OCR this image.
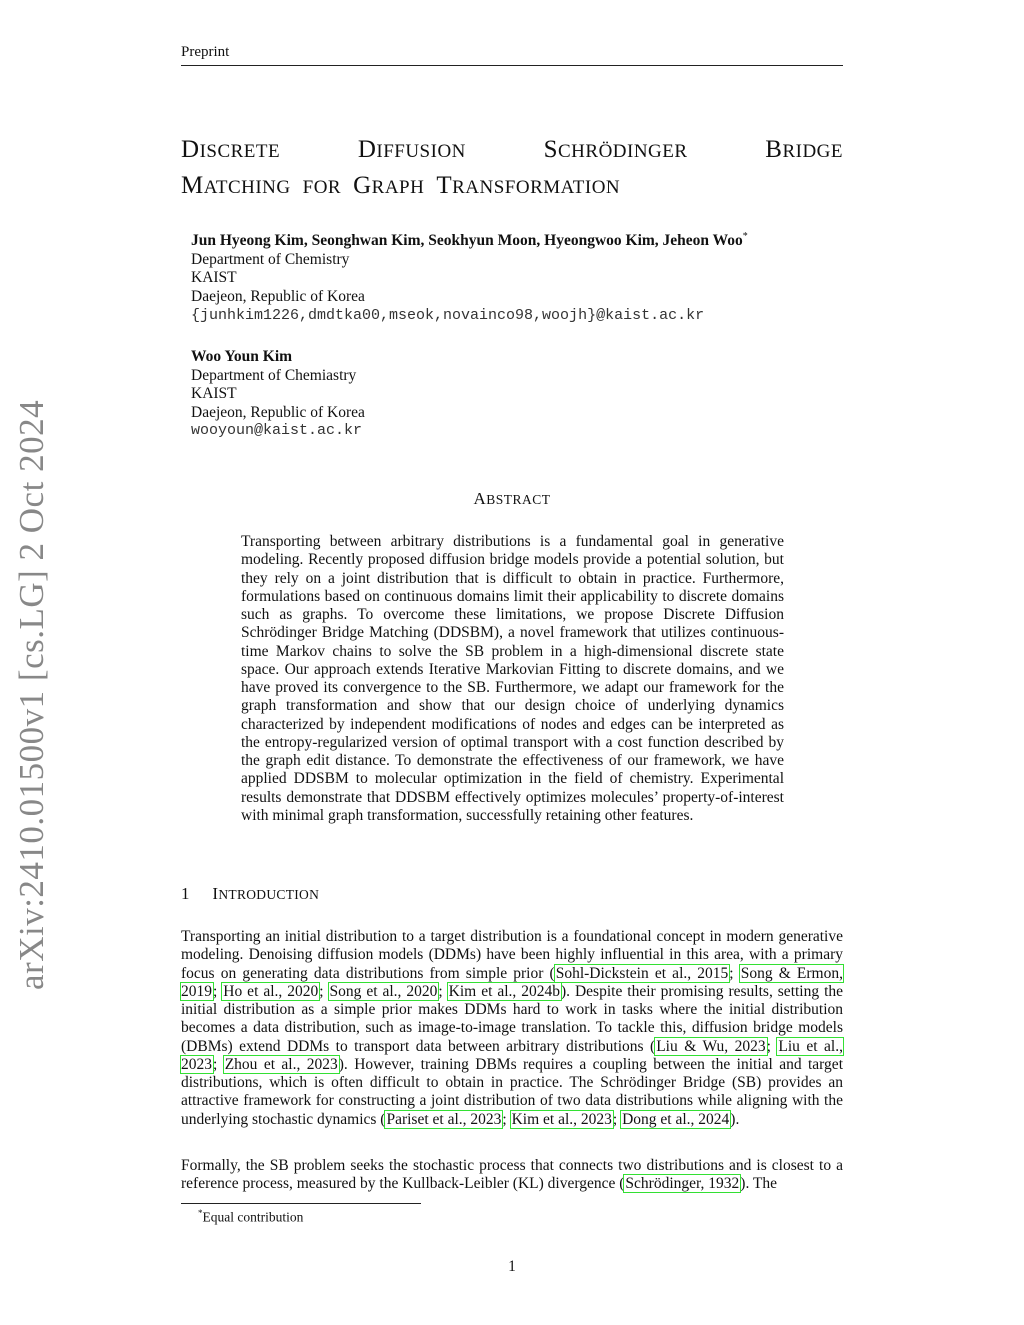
Preprint
arXiv:2410.01500v1 [cs.LG] 2 Oct 2024
DISCRETE	DIFFUSION	SCHRÖDINGER	BRIDGE
MATCHING FOR GRAPH TRANSFORMATION
Jun Hyeong Kim, Seonghwan Kim, Seokhyun Moon, Hyeongwoo Kim, Jeheon Woo*
Department of Chemistry
KAIST
Daejeon, Republic of Korea
{junhkim1226,dmdtka00,mseok,novainco98,woojh}@kaist.ac.kr
Woo Youn Kim
Department of Chemiastry
KAIST
Daejeon, Republic of Korea
wooyoun@kaist.ac.kr
ABSTRACT
Transporting between arbitrary distributions is a fundamental goal in generative modeling. Recently proposed diffusion bridge models provide a potential solution, but they rely on a joint distribution that is difficult to obtain in practice. Furthermore, formulations based on continuous domains limit their applicability to discrete domains such as graphs. To overcome these limitations, we propose Discrete Diffusion Schrödinger Bridge Matching (DDSBM), a novel framework that utilizes continuous-time Markov chains to solve the SB problem in a high-dimensional discrete state space. Our approach extends Iterative Markovian Fitting to discrete domains, and we have proved its convergence to the SB. Furthermore, we adapt our framework for the graph transformation and show that our design choice of underlying dynamics characterized by independent modifications of nodes and edges can be interpreted as the entropy-regularized version of optimal transport with a cost function described by the graph edit distance. To demonstrate the effectiveness of our framework, we have applied DDSBM to molecular optimization in the field of chemistry. Experimental results demonstrate that DDSBM effectively optimizes molecules’ property-of-interest with minimal graph transformation, successfully retaining other features.
1 INTRODUCTION
Transporting an initial distribution to a target distribution is a foundational concept in modern generative modeling. Denoising diffusion models (DDMs) have been highly influential in this area, with a primary focus on generating data distributions from simple prior (Sohl-Dickstein et al., 2015; Song & Ermon, 2019; Ho et al., 2020; Song et al., 2020; Kim et al., 2024b). Despite their promising results, setting the initial distribution as a simple prior makes DDMs hard to work in tasks where the initial distribution becomes a data distribution, such as image-to-image translation. To tackle this, diffusion bridge models (DBMs) extend DDMs to transport data between arbitrary distributions (Liu & Wu, 2023; Liu et al., 2023; Zhou et al., 2023). However, training DBMs requires a coupling between the initial and target distributions, which is often difficult to obtain in practice. The Schrödinger Bridge (SB) provides an attractive framework for constructing a joint distribution of two data distributions while aligning with the underlying stochastic dynamics (Pariset et al., 2023; Kim et al., 2023; Dong et al., 2024).
Formally, the SB problem seeks the stochastic process that connects two distributions and is closest to a reference process, measured by the Kullback-Leibler (KL) divergence (Schrödinger, 1932). The
*Equal contribution
1
